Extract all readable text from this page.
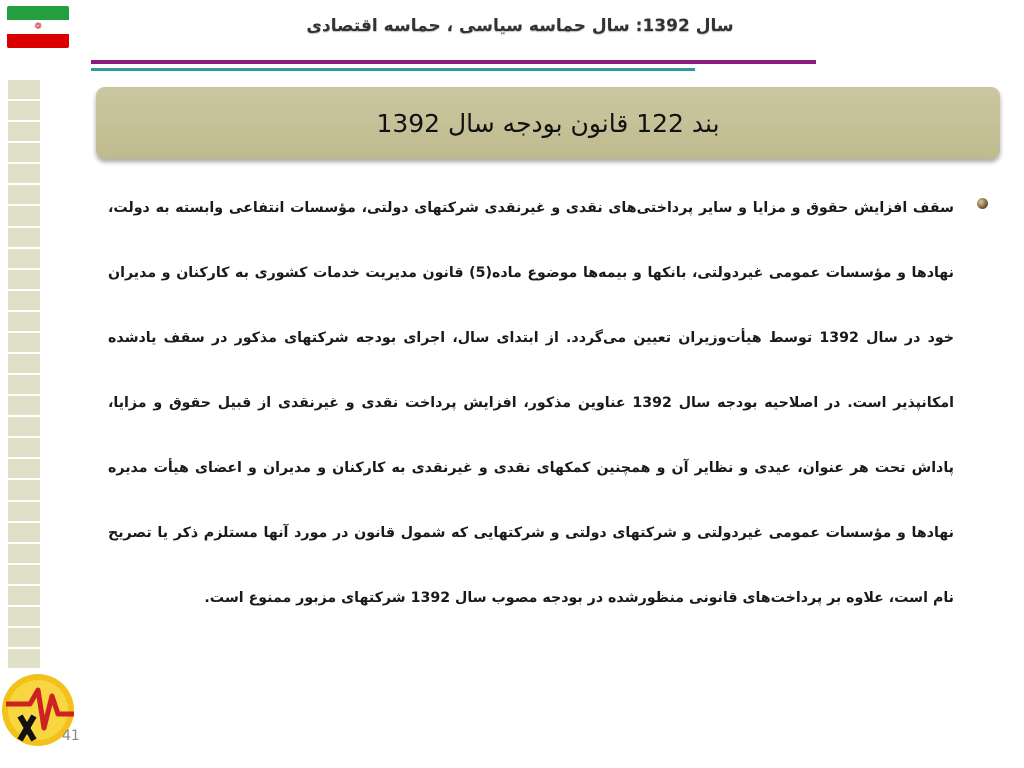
❁	سال 1392: سال حماسه سیاسی ، حماسه اقتصادی
بند 122 قانون بودجه سال 1392
سقف افزایش حقوق و مزایا و سایر پرداختی‌های نقدی و غیرنقدی شرکتهای دولتی، مؤسسات انتفاعی وابسته به دولت، نهادها و مؤسسات عمومی غیردولتی، بانکها و بیمه‌ها موضوع ماده(5) قانون مدیریت خدمات کشوری به کارکنان و مدیران خود در سال 1392 توسط هیأت‌وزیران تعیین می‌گردد. از ابتدای سال، اجرای بودجه شرکتهای مذکور در سقف یادشده امکانپذیر است. در اصلاحیه بودجه سال 1392 عناوین مذکور، افزایش پرداخت نقدی و غیرنقدی از قبیل حقوق و مزایا، پاداش تحت هر عنوان، عیدی و نظایر آن و همچنین کمکهای نقدی و غیرنقدی به کارکنان و مدیران و اعضای هیأت مدیره نهادها و مؤسسات عمومی غیردولتی و شرکتهای دولتی و شرکتهایی که شمول قانون در مورد آنها مستلزم ذکر یا تصریح نام است، علاوه بر پرداخت‌های قانونی منظورشده در بودجه مصوب سال 1392 شرکتهای مزبور ممنوع است.
41
